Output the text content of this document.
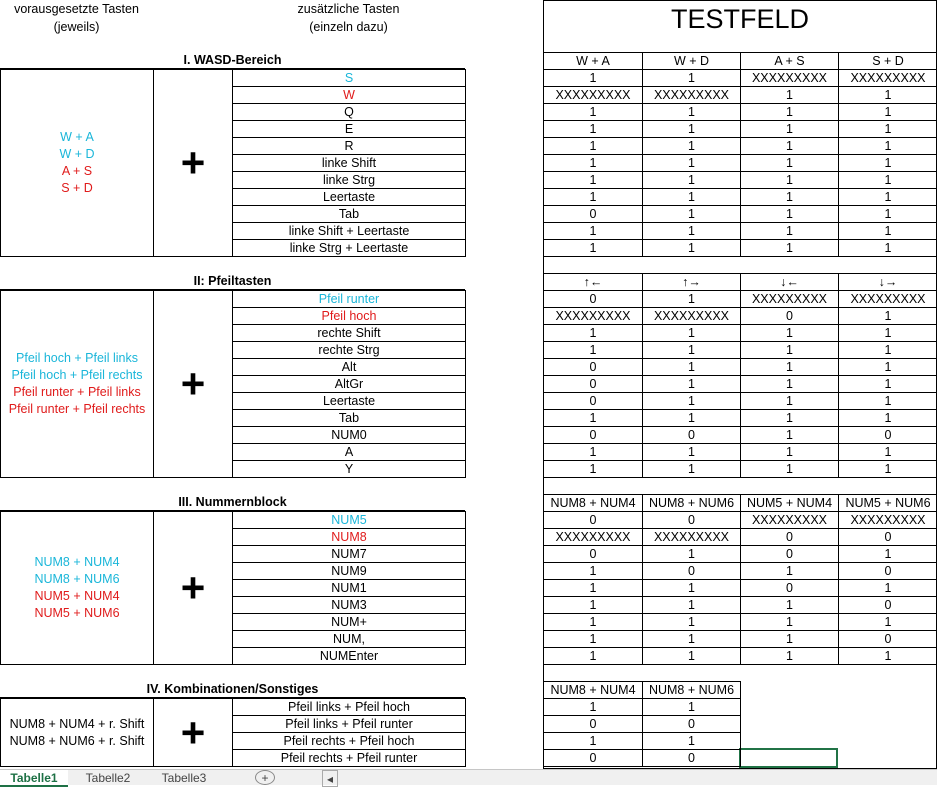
vorausgesetzte Tasten
(jeweils)
zusätzliche Tasten
(einzeln dazu)	TESTFELD
I. WASD-Bereich	W + A	W + D	A + S	S + D
W + A
W + D
A + S
S + D
+
S	1	1	XXXXXXXXX	XXXXXXXXX
W	XXXXXXXXX	XXXXXXXXX	1	1
Q	1	1	1	1
E	1	1	1	1
R	1	1	1	1
linke Shift	1	1	1	1
linke Strg	1	1	1	1
Leertaste	1	1	1	1
Tab	0	1	1	1
linke Shift + Leertaste	1	1	1	1
linke Strg + Leertaste	1	1	1	1
II: Pfeiltasten	↑←	↑→	↓←	↓→
Pfeil hoch + Pfeil links
Pfeil hoch + Pfeil rechts
Pfeil runter + Pfeil links
Pfeil runter + Pfeil rechts
+
Pfeil runter	0	1	XXXXXXXXX	XXXXXXXXX
Pfeil hoch	XXXXXXXXX	XXXXXXXXX	0	1
rechte Shift	1	1	1	1
rechte Strg	1	1	1	1
Alt	0	1	1	1
AltGr	0	1	1	1
Leertaste	0	1	1	1
Tab	1	1	1	1
NUM0	0	0	1	0
A	1	1	1	1
Y	1	1	1	1
III. Nummernblock	NUM8 + NUM4	NUM8 + NUM6	NUM5 + NUM4	NUM5 + NUM6
NUM8 + NUM4
NUM8 + NUM6
NUM5 + NUM4
NUM5 + NUM6
+
NUM5	0	0	XXXXXXXXX	XXXXXXXXX
NUM8	XXXXXXXXX	XXXXXXXXX	0	0
NUM7	0	1	0	1
NUM9	1	0	1	0
NUM1	1	1	0	1
NUM3	1	1	1	0
NUM+	1	1	1	1
NUM,	1	1	1	0
NUMEnter	1	1	1	1
IV. Kombinationen/Sonstiges	NUM8 + NUM4	NUM8 + NUM6
NUM8 + NUM4 + r. Shift
NUM8 + NUM6 + r. Shift +
Pfeil links + Pfeil hoch	1	1
Pfeil links + Pfeil runter	0	0
Pfeil rechts + Pfeil hoch	1	1
Pfeil rechts + Pfeil runter	0	0
Tabelle1	Tabelle2	Tabelle3	+	◂
